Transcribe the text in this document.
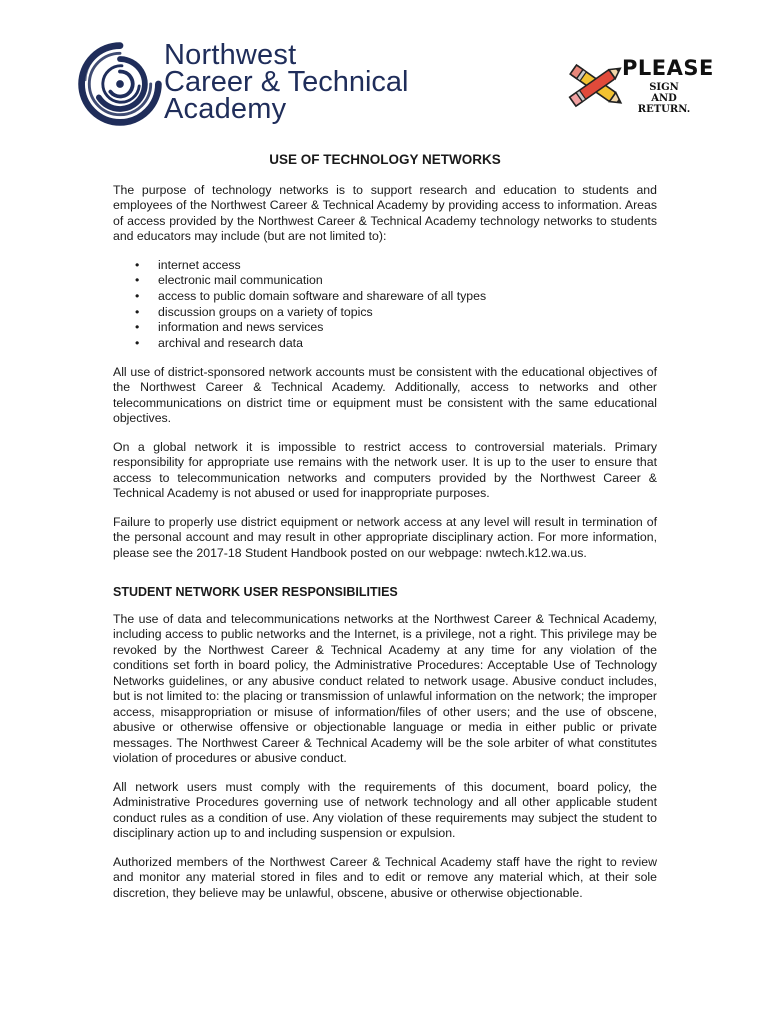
Northwest
Career & Technical
Academy
PLEASE
SIGN
AND
RETURN.
USE OF TECHNOLOGY NETWORKS

The purpose of technology networks is to support research and education to students and employees of the Northwest Career & Technical Academy by providing access to information. Areas of access provided by the Northwest Career & Technical Academy technology networks to students and educators may include (but are not limited to):

• internet access
• electronic mail communication
• access to public domain software and shareware of all types
• discussion groups on a variety of topics
• information and news services
• archival and research data

All use of district-sponsored network accounts must be consistent with the educational objectives of the Northwest Career & Technical Academy. Additionally, access to networks and other telecommunications on district time or equipment must be consistent with the same educational objectives.

On a global network it is impossible to restrict access to controversial materials. Primary responsibility for appropriate use remains with the network user. It is up to the user to ensure that access to telecommunication networks and computers provided by the Northwest Career & Technical Academy is not abused or used for inappropriate purposes.

Failure to properly use district equipment or network access at any level will result in termination of the personal account and may result in other appropriate disciplinary action. For more information, please see the 2017-18 Student Handbook posted on our webpage: nwtech.k12.wa.us.

STUDENT NETWORK USER RESPONSIBILITIES

The use of data and telecommunications networks at the Northwest Career & Technical Academy, including access to public networks and the Internet, is a privilege, not a right. This privilege may be revoked by the Northwest Career & Technical Academy at any time for any violation of the conditions set forth in board policy, the Administrative Procedures: Acceptable Use of Technology Networks guidelines, or any abusive conduct related to network usage. Abusive conduct includes, but is not limited to: the placing or transmission of unlawful information on the network; the improper access, misappropriation or misuse of information/files of other users; and the use of obscene, abusive or otherwise offensive or objectionable language or media in either public or private messages. The Northwest Career & Technical Academy will be the sole arbiter of what constitutes violation of procedures or abusive conduct.

All network users must comply with the requirements of this document, board policy, the Administrative Procedures governing use of network technology and all other applicable student conduct rules as a condition of use. Any violation of these requirements may subject the student to disciplinary action up to and including suspension or expulsion.

Authorized members of the Northwest Career & Technical Academy staff have the right to review and monitor any material stored in files and to edit or remove any material which, at their sole discretion, they believe may be unlawful, obscene, abusive or otherwise objectionable.
